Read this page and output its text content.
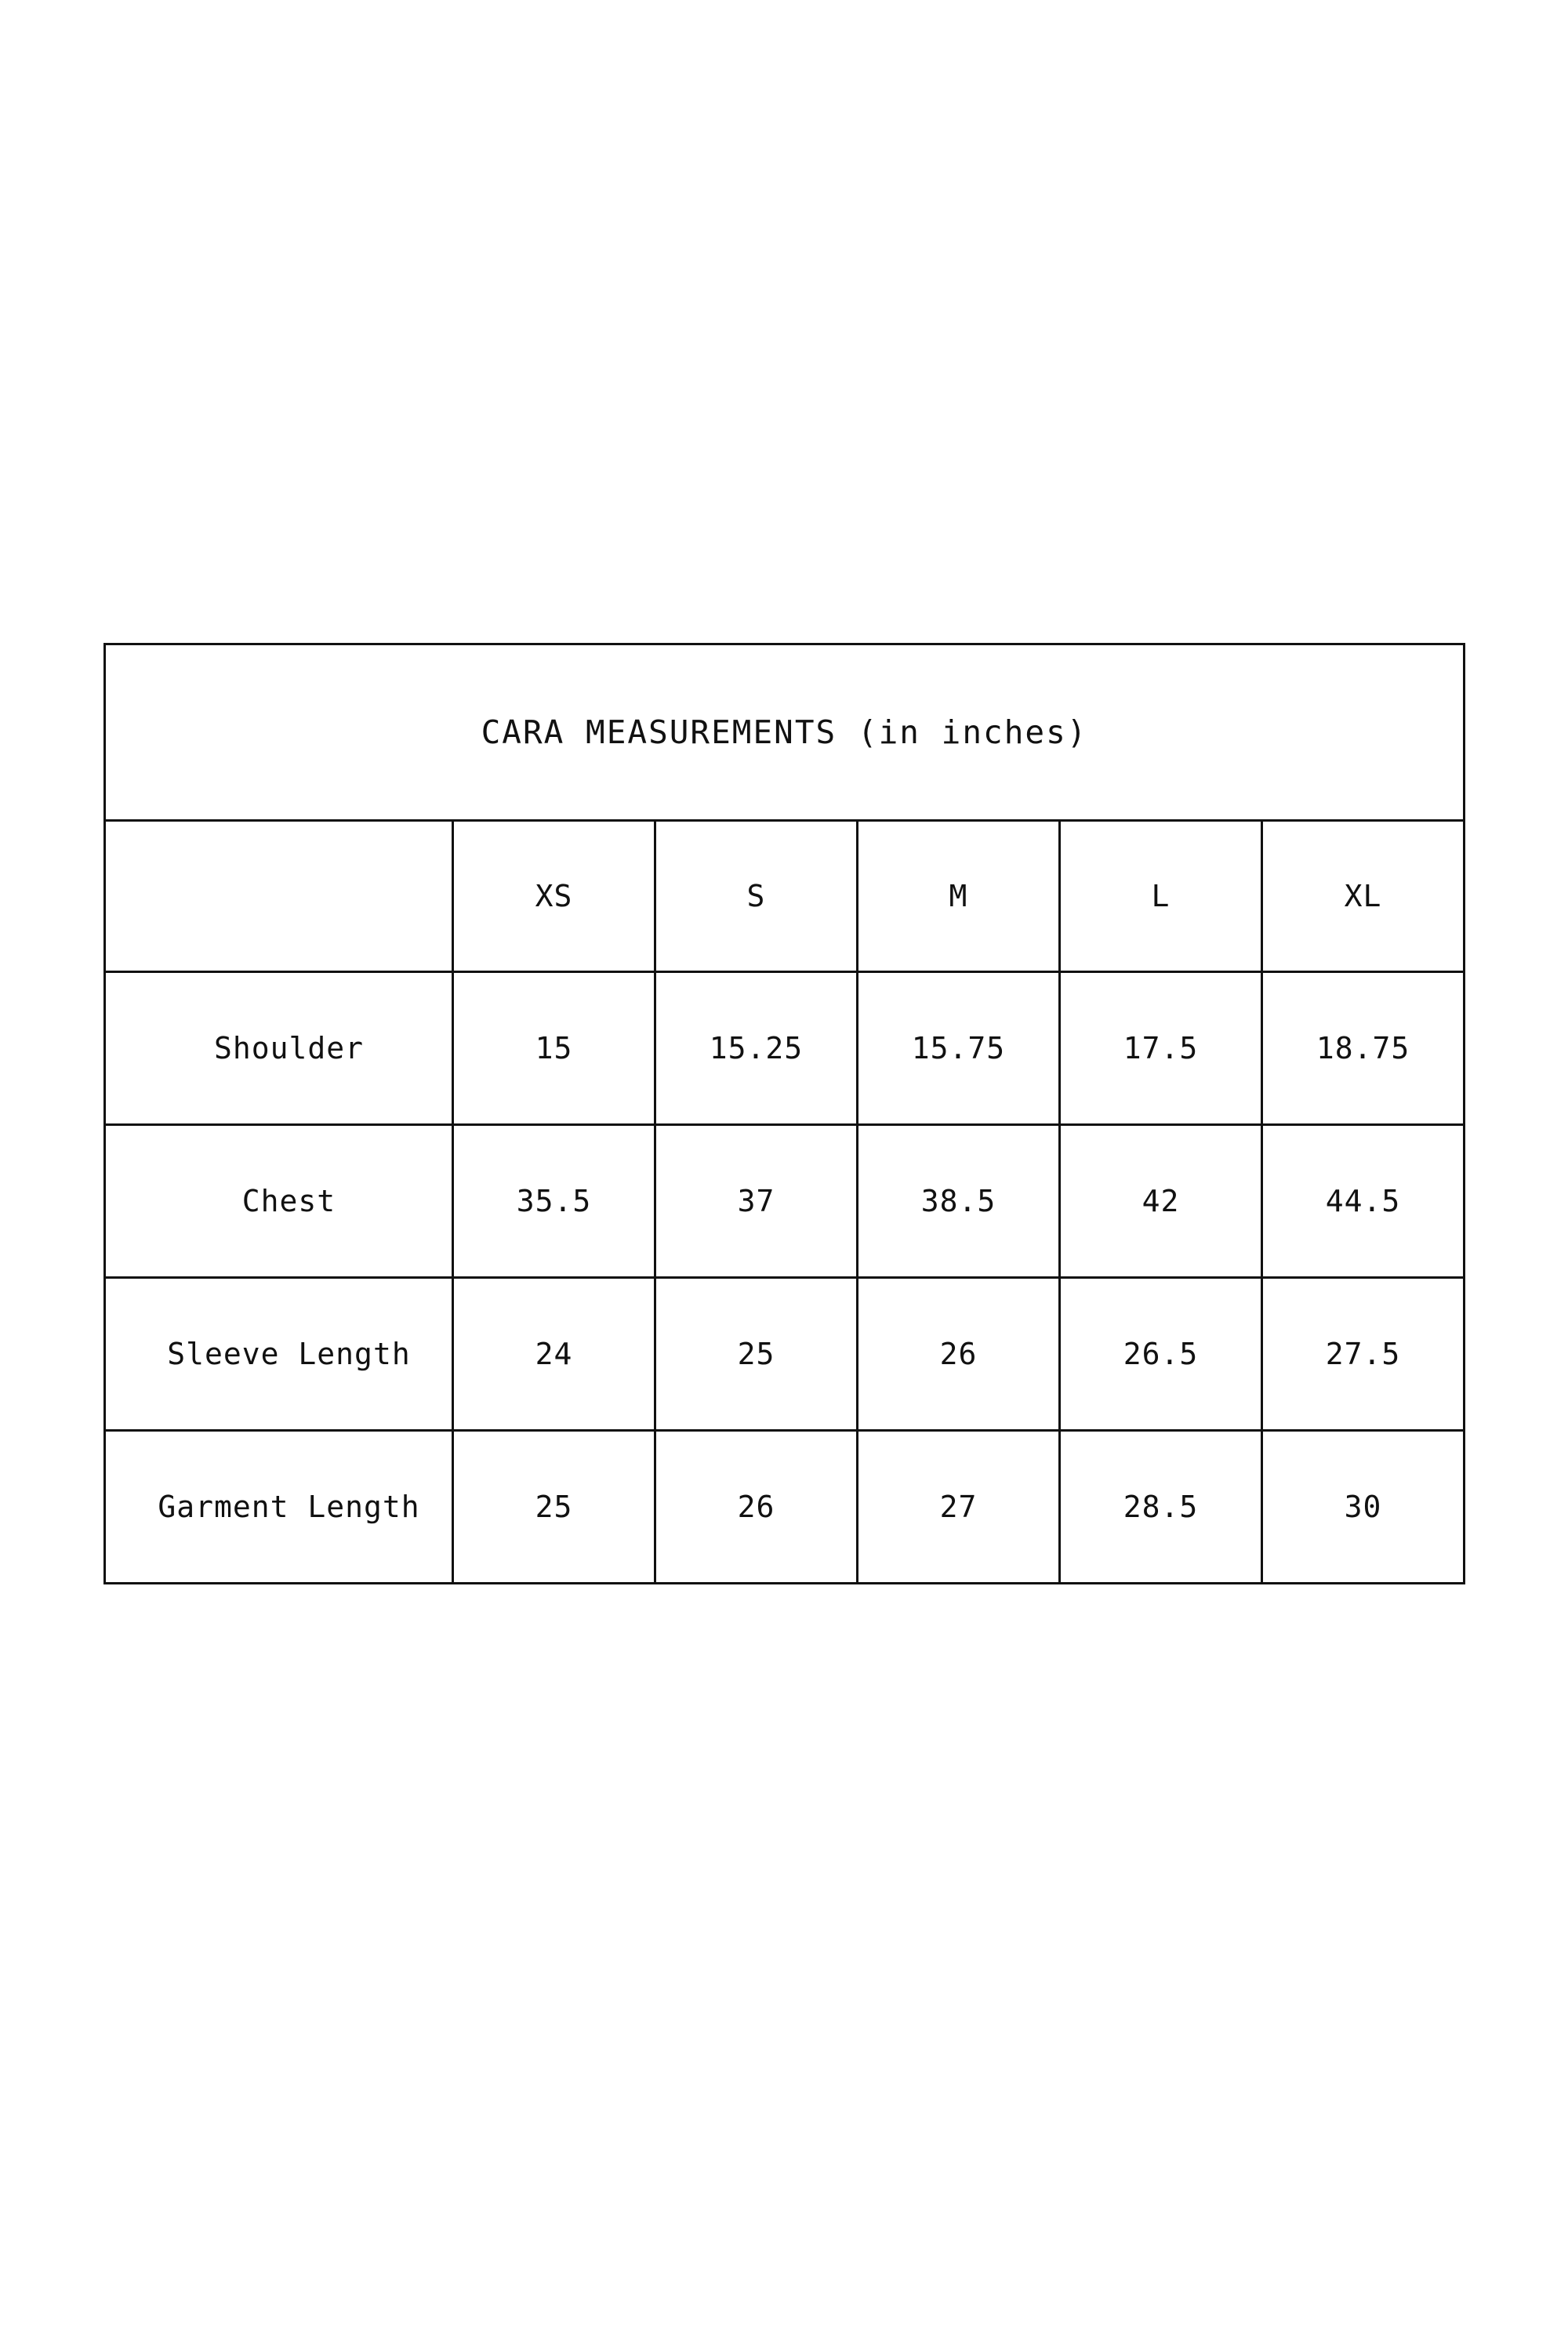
CARA MEASUREMENTS (in inches)					
	XS	S	M	L	XL
Shoulder	15	15.25	15.75	17.5	18.75
Chest	35.5	37	38.5	42	44.5
Sleeve Length	24	25	26	26.5	27.5
Garment Length	25	26	27	28.5	30
